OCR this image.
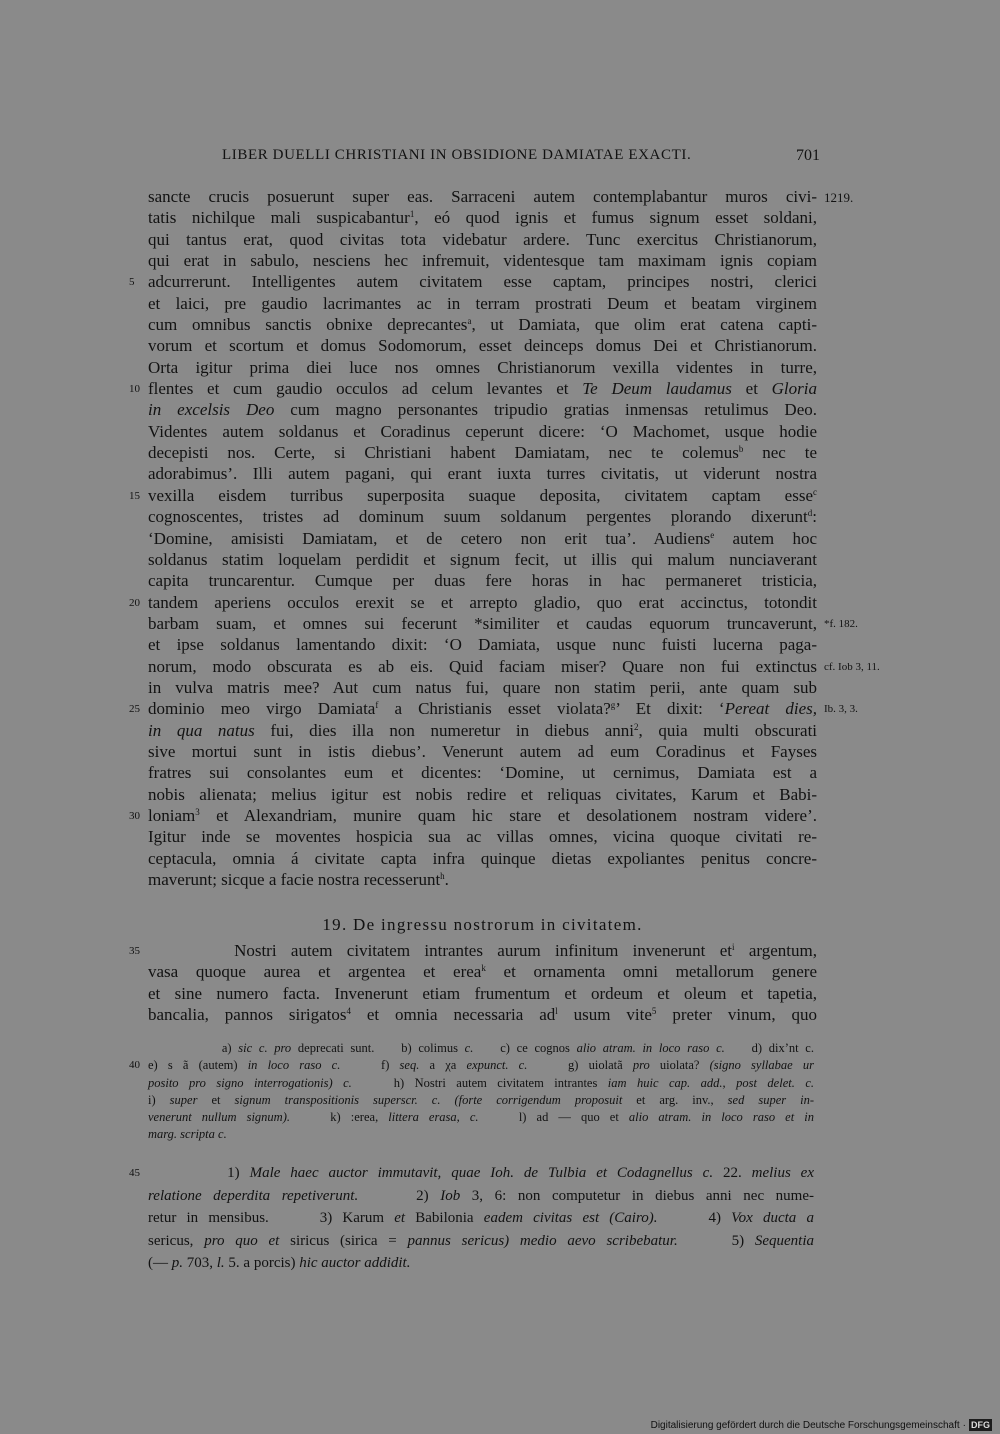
LIBER DUELLI CHRISTIANI IN OBSIDIONE DAMIATAE EXACTI.	701
sancte crucis posuerunt super eas. Sarraceni autem contemplabantur muros civi- 1219.
tatis nichilque mali suspicabantur$^1$, eó quod ignis et fumus signum esset soldani,
qui tantus erat, quod civitas tota videbatur ardere. Tunc exercitus Christianorum,
qui erat in sabulo, nesciens hec infremuit, videntesque tam maximam ignis copiam
adcurrerunt. Intelligentes autem civitatem esse captam, principes nostri, clerici
5
et laici, pre gaudio lacrimantes ac in terram prostrati Deum et beatam virginem
cum omnibus sanctis obnixe deprecantes$^a$, ut Damiata, que olim erat catena capti-
vorum et scortum et domus Sodomorum, esset deinceps domus Dei et Christianorum.
Orta igitur prima diei luce nos omnes Christianorum vexilla videntes in turre,
flentes et cum gaudio occulos ad celum levantes et Te Deum laudamus et Gloria
10
in excelsis Deo cum magno personantes tripudio gratias inmensas retulimus Deo.
Videntes autem soldanus et Coradinus ceperunt dicere: ‘O Machomet, usque hodie
decepisti nos. Certe, si Christiani habent Damiatam, nec te colemus$^b$ nec te
adorabimus’. Illi autem pagani, qui erant iuxta turres civitatis, ut viderunt nostra
vexilla eisdem turribus superposita suaque deposita, civitatem captam esse$^c$
15
cognoscentes, tristes ad dominum suum soldanum pergentes plorando dixerunt$^d$:
‘Domine, amisisti Damiatam, et de cetero non erit tua’. Audiens$^e$ autem hoc
soldanus statim loquelam perdidit et signum fecit, ut illis qui malum nunciaverant
capita truncarentur. Cumque per duas fere horas in hac permaneret tristicia,
tandem aperiens occulos erexit se et arrepto gladio, quo erat accinctus, totondit
20
barbam suam, et omnes sui fecerunt *similiter et caudas equorum truncaverunt, *f. 182.
et ipse soldanus lamentando dixit: ‘O Damiata, usque nunc fuisti lucerna paga-
norum, modo obscurata es ab eis. Quid faciam miser? Quare non fui extinctus cf. Iob 3, 11.
in vulva matris mee? Aut cum natus fui, quare non statim perii, ante quam sub
dominio meo virgo Damiata$^f$ a Christianis esset violata?$^g$’ Et dixit: ‘Pereat dies,
25	Ib. 3, 3.
in qua natus fui, dies illa non numeretur in diebus anni$^2$, quia multi obscurati
sive mortui sunt in istis diebus’. Venerunt autem ad eum Coradinus et Fayses
fratres sui consolantes eum et dicentes: ‘Domine, ut cernimus, Damiata est a
nobis alienata; melius igitur est nobis redire et reliquas civitates, Karum et Babi-
loniam$^3$ et Alexandriam, munire quam hic stare et desolationem nostram videre’.
30
Igitur inde se moventes hospicia sua ac villas omnes, vicina quoque civitati re-
ceptacula, omnia á civitate capta infra quinque dietas expoliantes penitus concre-
maverunt; sicque a facie nostra recesserunt$^h$.
19. De ingressu nostrorum in civitatem.
Nostri autem civitatem intrantes aurum infinitum invenerunt $et^i$ argentum,
35
vasa quoque aurea et argentea et erea$^k$ et ornamenta omni metallorum genere
et sine numero facta. Invenerunt etiam frumentum et ordeum et oleum et tapetia,
bancalia, pannos sirigatos$^4$ et omnia necessaria $ad^l$ usum vite$^5$ preter vinum, quo
a) sic c. pro deprecati sunt.    b) colimus c.    c) ce cognos alio atram. in loco raso c.    d) dix’nt c.
e) s ã (autem) in loco raso c.    f) seq. a χa expunct. c.    g) uiolatã pro uiolata? (signo syllabae ur
40
posito pro signo interrogationis) c.    h) Nostri autem civitatem intrantes iam huic cap. add., post delet. c.
i) super et signum transpositionis superscr. c. (forte corrigendum proposuit et arg. inv., sed super in-
venerunt nullum signum).    k) :erea, littera erasa, c.    l) ad — quo et alio atram. in loco raso et in
marg. scripta c.
1) Male haec auctor immutavit, quae Ioh. de Tulbia et Codagnellus c. 22. melius ex
45
relatione deperdita repetiverunt.     2) Iob 3, 6: non computetur in diebus anni nec nume-
retur in mensibus.     3) Karum et Babilonia eadem civitas est (Cairo).     4) Vox ducta a
sericus, pro quo et siricus (sirica = pannus sericus) medio aevo scribebatur.     5) Sequentia
(— p. 703, l. 5. a porcis) hic auctor addidit.
Digitalisierung gefördert durch die Deutsche Forschungsgemeinschaft · DFG
